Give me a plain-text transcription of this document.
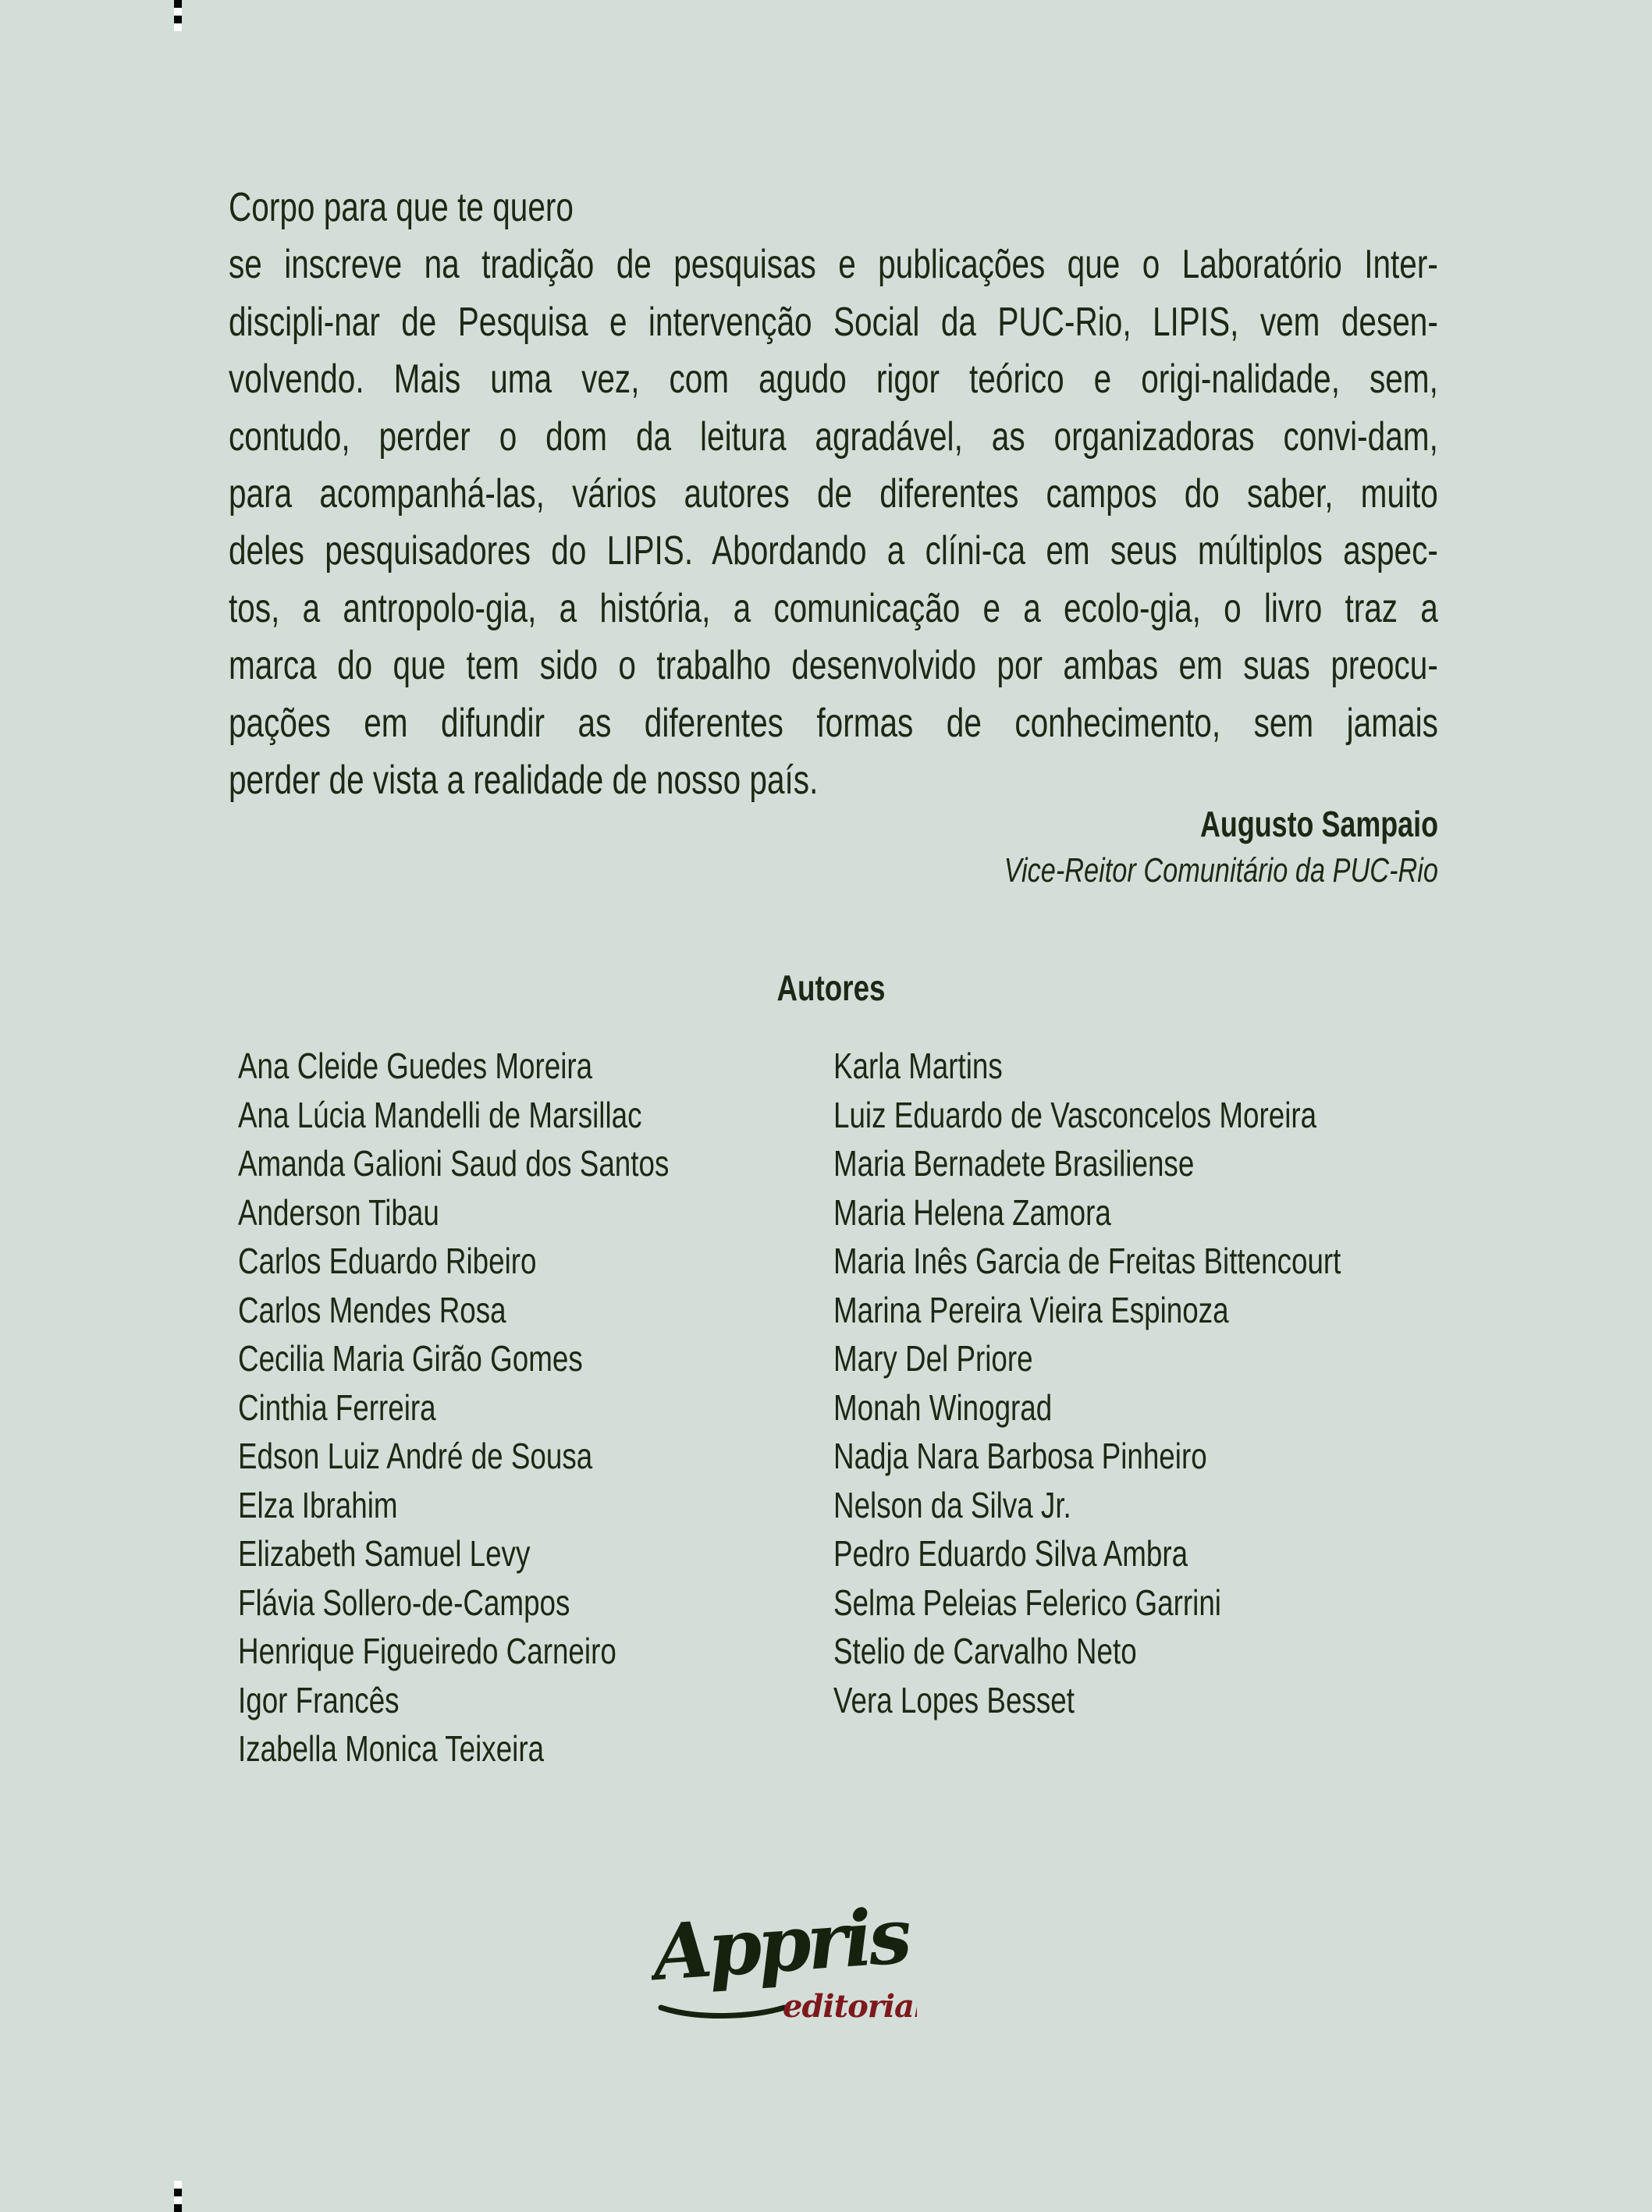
Corpo para que te quero
se inscreve na tradição de pesquisas e publicações que o Laboratório Inter-
discipli-nar de Pesquisa e intervenção Social da PUC-Rio, LIPIS, vem desen-
volvendo. Mais uma vez, com agudo rigor teórico e origi-nalidade, sem,
contudo, perder o dom da leitura agradável, as organizadoras convi-dam,
para acompanhá-las, vários autores de diferentes campos do saber, muito
deles pesquisadores do LIPIS. Abordando a clíni-ca em seus múltiplos aspec-
tos, a antropolo-gia, a história, a comunicação e a ecolo-gia, o livro traz a
marca do que tem sido o trabalho desenvolvido por ambas em suas preocu-
pações em difundir as diferentes formas de conhecimento, sem jamais
perder de vista a realidade de nosso país.
Augusto Sampaio
Vice-Reitor Comunitário da PUC-Rio
Autores
Ana Cleide Guedes Moreira
Ana Lúcia Mandelli de Marsillac
Amanda Galioni Saud dos Santos
Anderson Tibau
Carlos Eduardo Ribeiro
Carlos Mendes Rosa
Cecilia Maria Girão Gomes
Cinthia Ferreira
Edson Luiz André de Sousa
Elza Ibrahim
Elizabeth Samuel Levy
Flávia Sollero-de-Campos
Henrique Figueiredo Carneiro
Igor Francês
Izabella Monica Teixeira
Karla Martins
Luiz Eduardo de Vasconcelos Moreira
Maria Bernadete Brasiliense
Maria Helena Zamora
Maria Inês Garcia de Freitas Bittencourt
Marina Pereira Vieira Espinoza
Mary Del Priore
Monah Winograd
Nadja Nara Barbosa Pinheiro
Nelson da Silva Jr.
Pedro Eduardo Silva Ambra
Selma Peleias Felerico Garrini
Stelio de Carvalho Neto
Vera Lopes Besset
Appris
editorial
